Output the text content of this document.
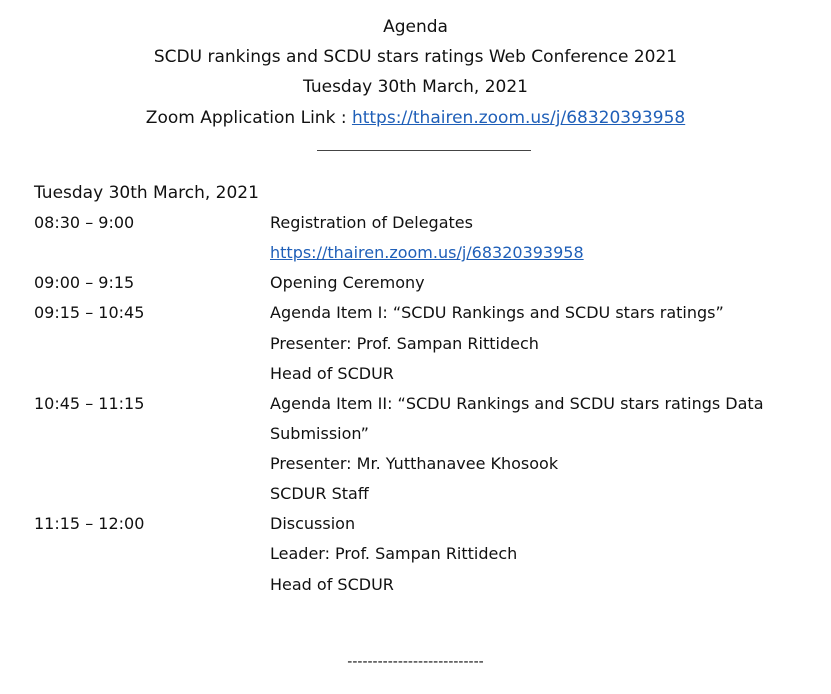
Agenda
SCDU rankings and SCDU stars ratings Web Conference 2021
Tuesday 30th March, 2021
Zoom Application Link : https://thairen.zoom.us/j/68320393958
Tuesday 30th March, 2021
08:30 – 9:00	Registration of Delegates
https://thairen.zoom.us/j/68320393958
09:00 – 9:15	Opening Ceremony
09:15 – 10:45	Agenda Item I: “SCDU Rankings and SCDU stars ratings”
Presenter: Prof. Sampan Rittidech
Head of SCDUR
10:45 – 11:15	Agenda Item II: “SCDU Rankings and SCDU stars ratings Data
Submission”
Presenter: Mr. Yutthanavee Khosook
SCDUR Staff
11:15 – 12:00	Discussion
Leader: Prof. Sampan Rittidech
Head of SCDUR
---------------------------
